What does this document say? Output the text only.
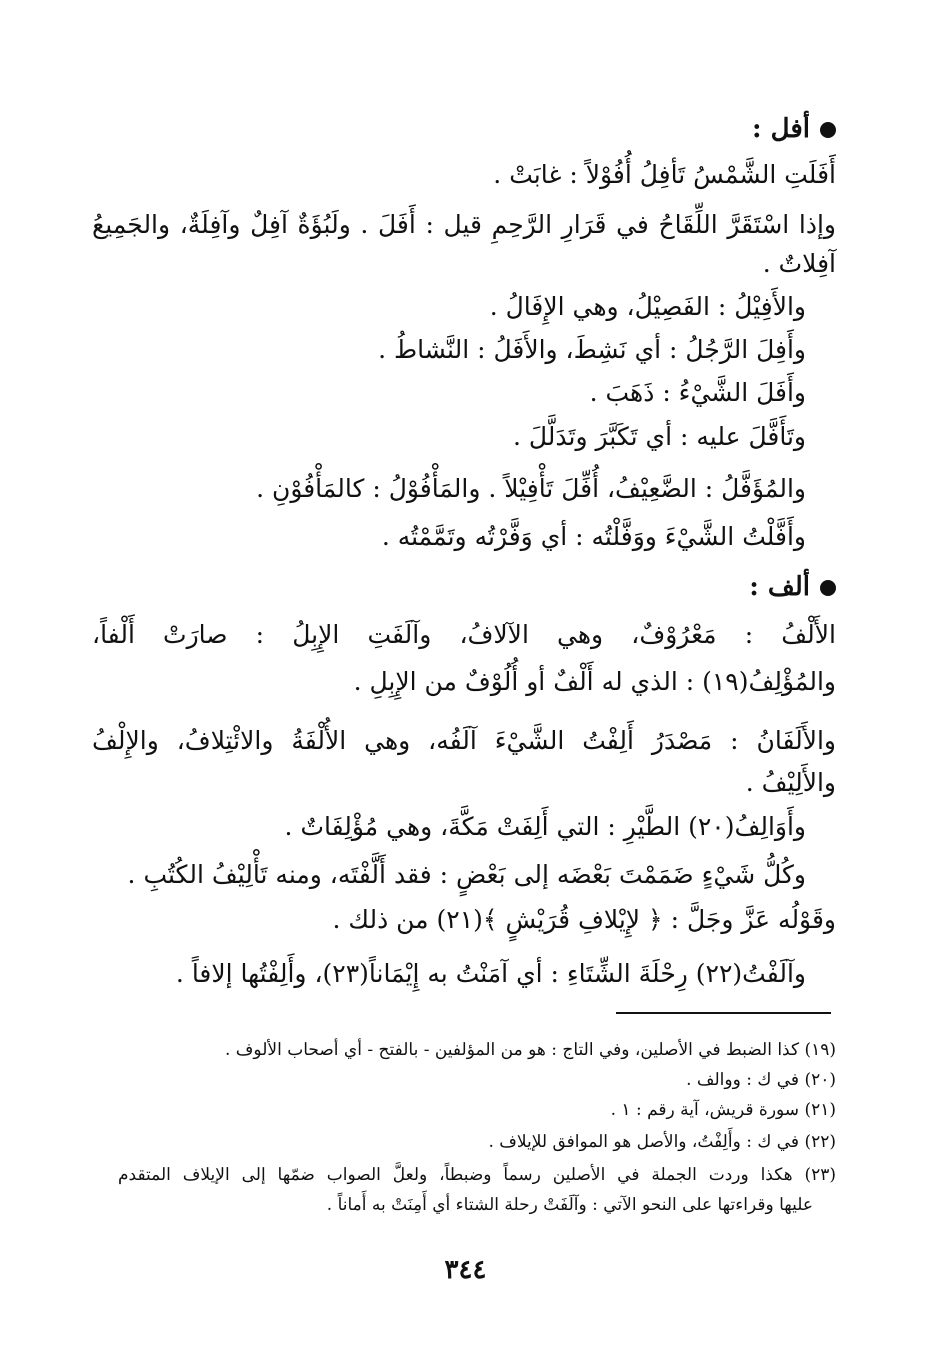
أفل :
أَفَلَتِ الشَّمْسُ تَأفِلُ أُفُوْلاً : غابَتْ .
وإذا اسْتَقَرَّ اللِّقَاحُ في قَرَارِ الرَّحِمِ قيل : أَفَلَ . ولَبُؤَةٌ آفِلٌ وآفِلَةٌ، والجَمِيعُ
آفِلاتٌ .
والأَفِيْلُ : الفَصِيْلُ، وهي الإِفَالُ .
وأَفِلَ الرَّجُلُ : أي نَشِطَ، والأَفَلُ : النَّشاطُ .
وأَفَلَ الشَّيْءُ : ذَهَبَ .
وتَأَفَّلَ عليه : أي تَكَبَّرَ وتَدَلَّلَ .
والمُؤَفَّلُ : الضَّعِيْفُ، أُفِّلَ تَأْفِيْلاً . والمَأْفُوْلُ : كالمَأْفُوْنِ .
وأَفَّلْتُ الشَّيْءَ ووَفَّلْتُه : أي وَفَّرْتُه وتَمَّمْتُه .
ألف :
الأَلْفُ : مَعْرُوْفٌ، وهي الآلافُ، وآلَفَتِ الإِبِلُ : صارَتْ أَلْفاً،
والمُؤْلِفُ(١٩) : الذي له أَلْفٌ أو أُلُوْفٌ من الإِبِلِ .
والأَلَفَانُ : مَصْدَرُ أَلِفْتُ الشَّيْءَ آلَفُه، وهي الأُلْفَةُ والائْتِلافُ، والإِلْفُ
والأَلِيْفُ .
وأَوَالِفُ(٢٠) الطَّيْرِ : التي أَلِفَتْ مَكَّةَ، وهي مُؤْلِفَاتٌ .
وكُلُّ شَيْءٍ ضَمَمْتَ بَعْضَه إلى بَعْضٍ : فقد أَلَّفْتَه، ومنه تَأْلِيْفُ الكُتُبِ .
وقَوْلُه عَزَّ وجَلَّ : ﴿ لإِيْلافِ قُرَيْشٍ ﴾(٢١) من ذلك .
وآلَفْتُ(٢٢) رِحْلَةَ الشِّتَاءِ : أي آمَنْتُ به إِيْمَاناً(٢٣)، وأَلِفْتُها إلافاً .
(١٩) كذا الضبط في الأصلين، وفي التاج : هو من المؤلفين - بالفتح - أي أصحاب الألوف .
(٢٠) في ك : ووالف .
(٢١) سورة قريش، آية رقم : ١ .
(٢٢) في ك : وأَلِفْتُ، والأصل هو الموافق للإيلاف .
(٢٣) هكذا وردت الجملة في الأصلين رسماً وضبطاً، ولعلَّ الصواب ضمّها إلى الإيلاف المتقدم
عليها وقراءتها على النحو الآتي : وآلَفَتْ رحلة الشتاء أي أَمِنَتْ به أَماناً .
٣٤٤
